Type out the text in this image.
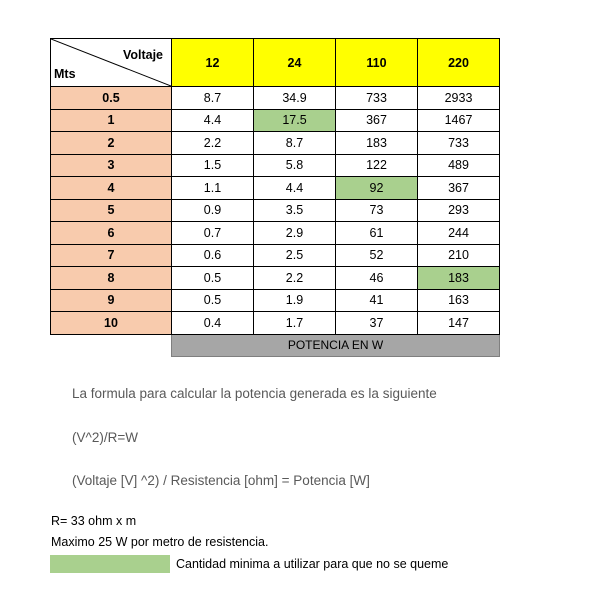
Voltaje
Mts	12	24	110	220
0.5	8.7	34.9	733	2933
1	4.4	17.5	367	1467
2	2.2	8.7	183	733
3	1.5	5.8	122	489
4	1.1	4.4	92	367
5	0.9	3.5	73	293
6	0.7	2.9	61	244
7	0.6	2.5	52	210
8	0.5	2.2	46	183
9	0.5	1.9	41	163
10	0.4	1.7	37	147
	POTENCIA EN W			
La formula para calcular la potencia generada es la siguiente
(V^2)/R=W
(Voltaje [V] ^2) / Resistencia [ohm] = Potencia [W]
R= 33 ohm x m
Maximo 25 W por metro de resistencia.
Cantidad minima a utilizar para que no se queme
